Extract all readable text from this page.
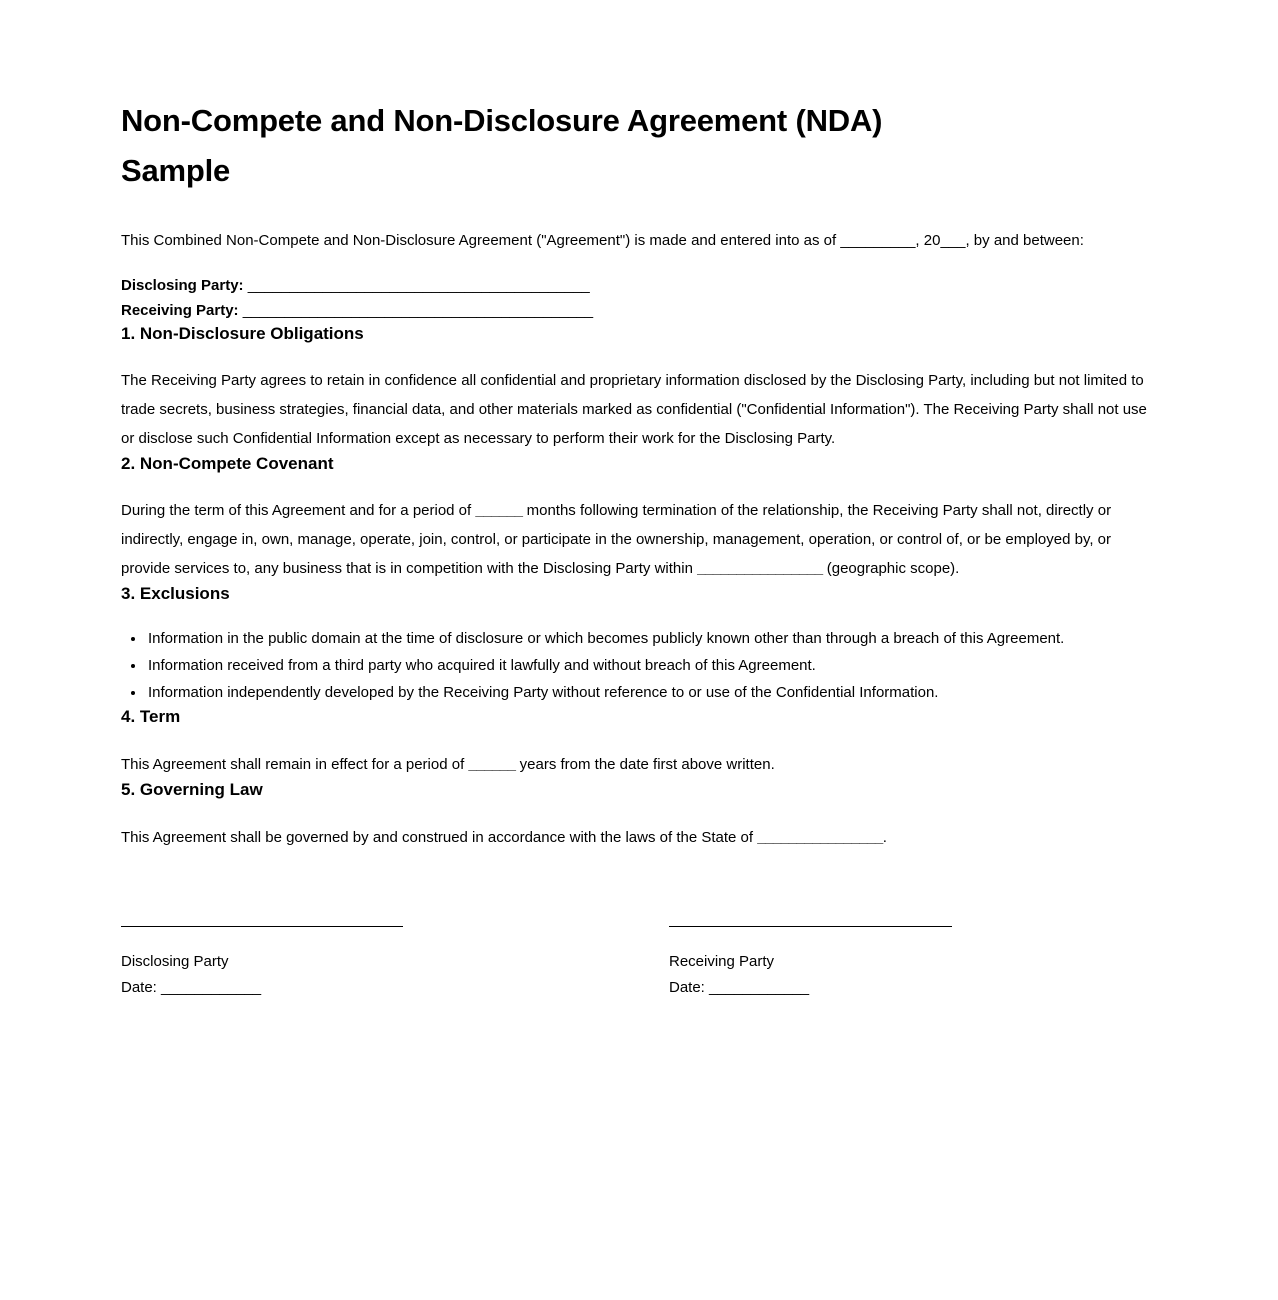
Non-Compete and Non-Disclosure Agreement (NDA)
Sample

This Combined Non-Compete and Non-Disclosure Agreement ("Agreement") is made and entered into as of _________, 20___, by and between:

Disclosing Party: _________________________________________
Receiving Party: __________________________________________
1. Non-Disclosure Obligations

The Receiving Party agrees to retain in confidence all confidential and proprietary information disclosed by the Disclosing Party, including but not limited to trade secrets, business strategies, financial data, and other materials marked as confidential ("Confidential Information"). The Receiving Party shall not use or disclose such Confidential Information except as necessary to perform their work for the Disclosing Party.

2. Non-Compete Covenant

During the term of this Agreement and for a period of ______ months following termination of the relationship, the Receiving Party shall not, directly or indirectly, engage in, own, manage, operate, join, control, or participate in the ownership, management, operation, or control of, or be employed by, or provide services to, any business that is in competition with the Disclosing Party within ________________ (geographic scope).

3. Exclusions
• Information in the public domain at the time of disclosure or which becomes publicly known other than through a breach of this Agreement.
• Information received from a third party who acquired it lawfully and without breach of this Agreement.
• Information independently developed by the Receiving Party without reference to or use of the Confidential Information.
4. Term

This Agreement shall remain in effect for a period of ______ years from the date first above written.

5. Governing Law

This Agreement shall be governed by and construed in accordance with the laws of the State of ________________.

Disclosing Party
Date: ____________
Receiving Party
Date: ____________
